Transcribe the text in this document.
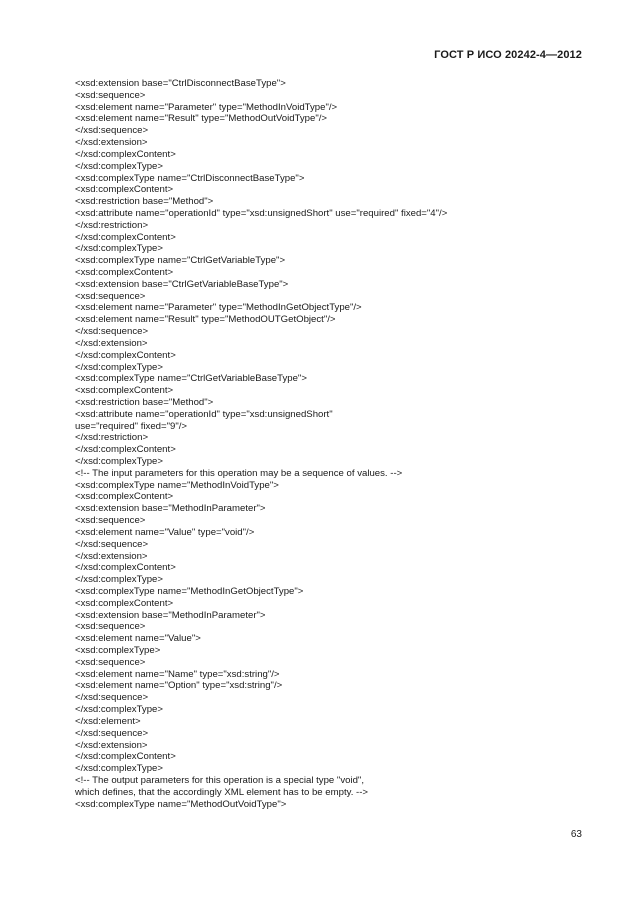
ГОСТ Р ИСО 20242-4—2012
<xsd:extension base="CtrlDisconnectBaseType">
<xsd:sequence>
<xsd:element name="Parameter" type="MethodInVoidType"/>
<xsd:element name="Result" type="MethodOutVoidType"/>
</xsd:sequence>
</xsd:extension>
</xsd:complexContent>
</xsd:complexType>
<xsd:complexType name="CtrlDisconnectBaseType">
<xsd:complexContent>
<xsd:restriction base="Method">
<xsd:attribute name="operationId" type="xsd:unsignedShort" use="required" fixed="4"/>
</xsd:restriction>
</xsd:complexContent>
</xsd:complexType>
<xsd:complexType name="CtrlGetVariableType">
<xsd:complexContent>
<xsd:extension base="CtrlGetVariableBaseType">
<xsd:sequence>
<xsd:element name="Parameter" type="MethodInGetObjectType"/>
<xsd:element name="Result" type="MethodOUTGetObject"/>
</xsd:sequence>
</xsd:extension>
</xsd:complexContent>
</xsd:complexType>
<xsd:complexType name="CtrlGetVariableBaseType">
<xsd:complexContent>
<xsd:restriction base="Method">
<xsd:attribute name="operationId" type="xsd:unsignedShort"
use="required" fixed="9"/>
</xsd:restriction>
</xsd:complexContent>
</xsd:complexType>
<!-- The input parameters for this operation may be a sequence of values. -->
<xsd:complexType name="MethodInVoidType">
<xsd:complexContent>
<xsd:extension base="MethodInParameter">
<xsd:sequence>
<xsd:element name="Value" type="void"/>
</xsd:sequence>
</xsd:extension>
</xsd:complexContent>
</xsd:complexType>
<xsd:complexType name="MethodInGetObjectType">
<xsd:complexContent>
<xsd:extension base="MethodInParameter">
<xsd:sequence>
<xsd:element name="Value">
<xsd:complexType>
<xsd:sequence>
<xsd:element name="Name" type="xsd:string"/>
<xsd:element name="Option" type="xsd:string"/>
</xsd:sequence>
</xsd:complexType>
</xsd:element>
</xsd:sequence>
</xsd:extension>
</xsd:complexContent>
</xsd:complexType>
<!-- The output parameters for this operation is a special type "void",
which defines, that the accordingly XML element has to be empty. -->
<xsd:complexType name="MethodOutVoidType">
63
